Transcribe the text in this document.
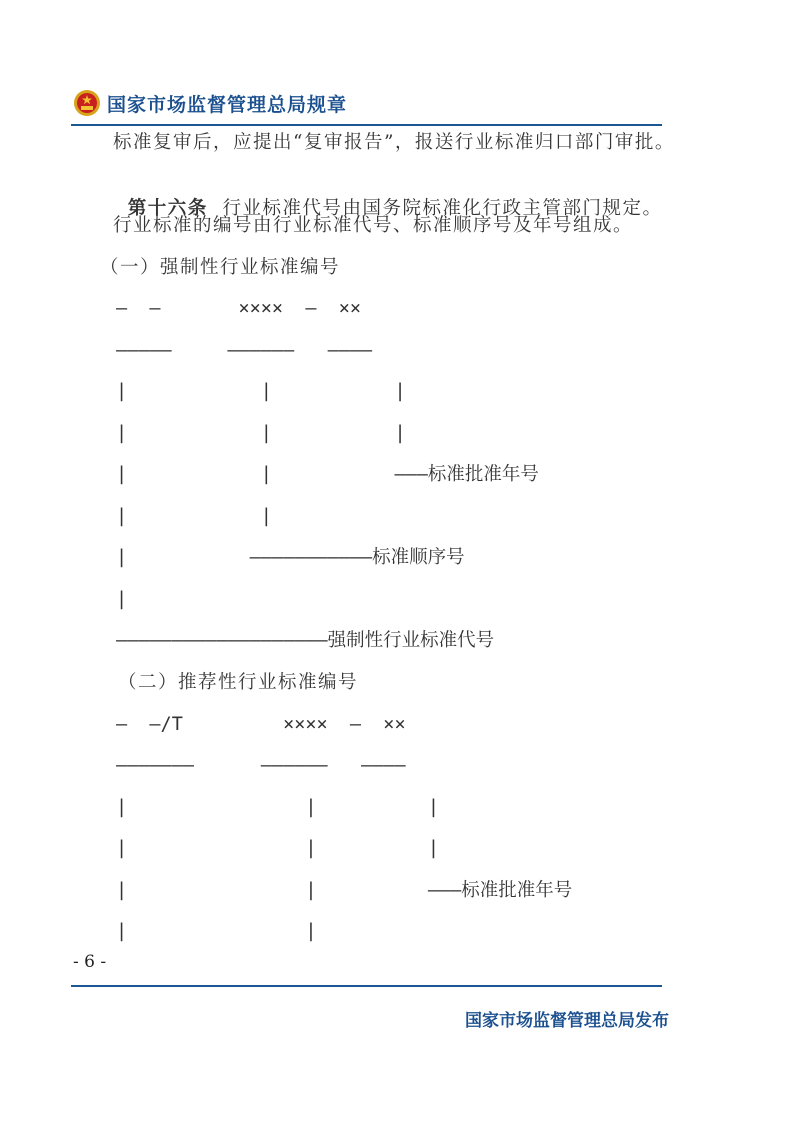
国家市场监督管理总局规章
标准复审后，应提出“复审报告”，报送行业标准归口部门审批。

第十六条  行业标准代号由国务院标准化行政主管部门规定。

行业标准的编号由行业标准代号、标准顺序号及年号组成。
（一）强制性行业标准编号
—  —       ××××  —  ××
—————     ——————   ————
|            |           |
|            |           |
|            |           ———标准批准年号
|            |
|           ———————————标准顺序号
|
———————————————————强制性行业标准代号
（二）推荐性行业标准编号
—  —/T         ××××  —  ××
———————      ——————   ————
|                |          |
|                |          |
|                |          ———标准批准年号
|                |
- 6 -
国家市场监督管理总局发布
